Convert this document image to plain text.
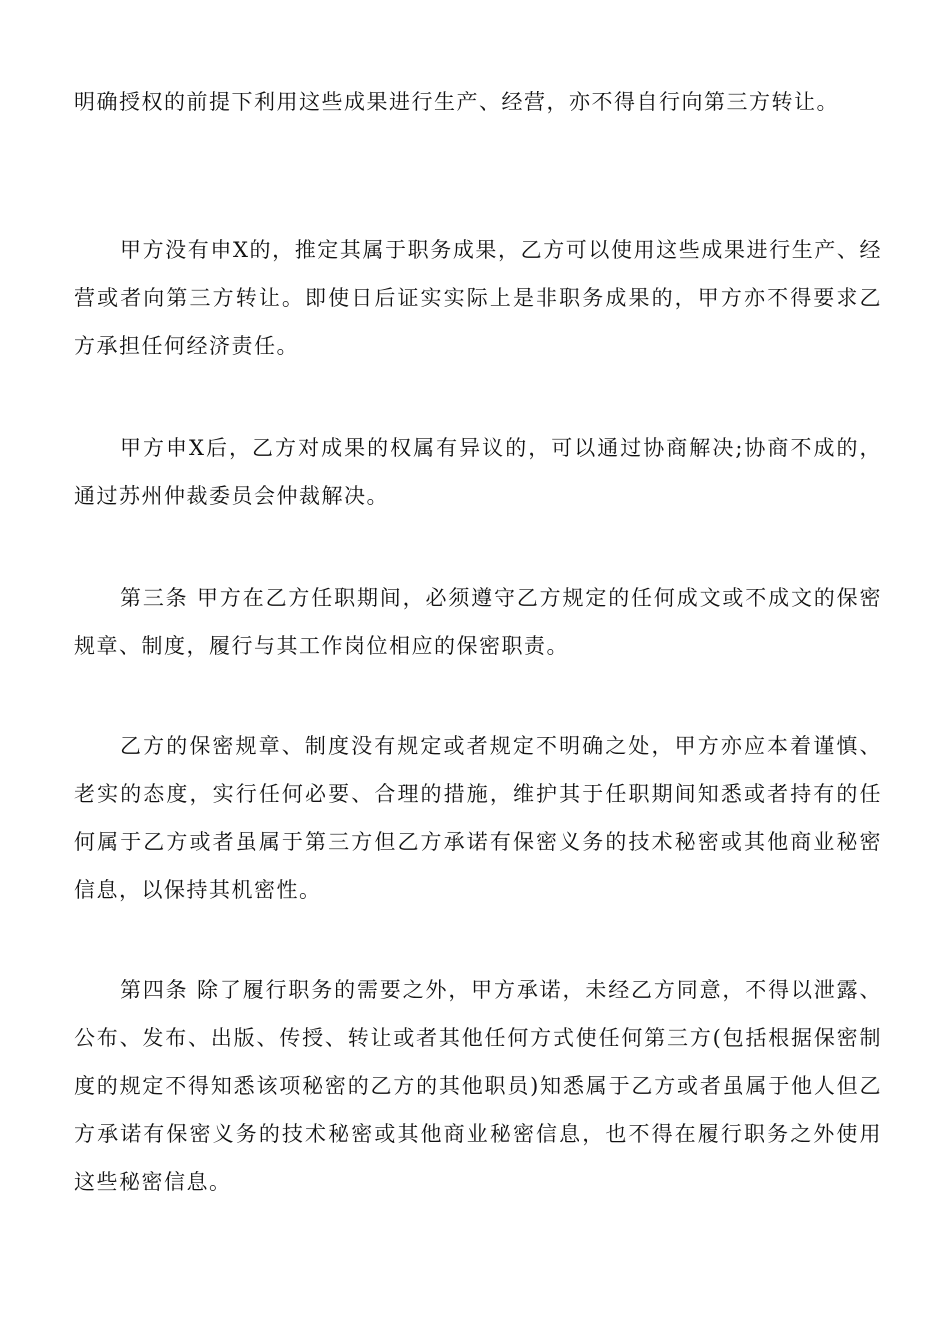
明确授权的前提下利用这些成果进行生产、经营，亦不得自行向第三方转让。

甲方没有申X的，推定其属于职务成果，乙方可以使用这些成果进行生产、经营或者向第三方转让。即使日后证实实际上是非职务成果的，甲方亦不得要求乙方承担任何经济责任。

甲方申X后，乙方对成果的权属有异议的，可以通过协商解决;协商不成的，通过苏州仲裁委员会仲裁解决。

第三条 甲方在乙方任职期间，必须遵守乙方规定的任何成文或不成文的保密规章、制度，履行与其工作岗位相应的保密职责。

乙方的保密规章、制度没有规定或者规定不明确之处，甲方亦应本着谨慎、老实的态度，实行任何必要、合理的措施，维护其于任职期间知悉或者持有的任何属于乙方或者虽属于第三方但乙方承诺有保密义务的技术秘密或其他商业秘密信息，以保持其机密性。

第四条 除了履行职务的需要之外，甲方承诺，未经乙方同意，不得以泄露、公布、发布、出版、传授、转让或者其他任何方式使任何第三方(包括根据保密制度的规定不得知悉该项秘密的乙方的其他职员)知悉属于乙方或者虽属于他人但乙方承诺有保密义务的技术秘密或其他商业秘密信息，也不得在履行职务之外使用这些秘密信息。
